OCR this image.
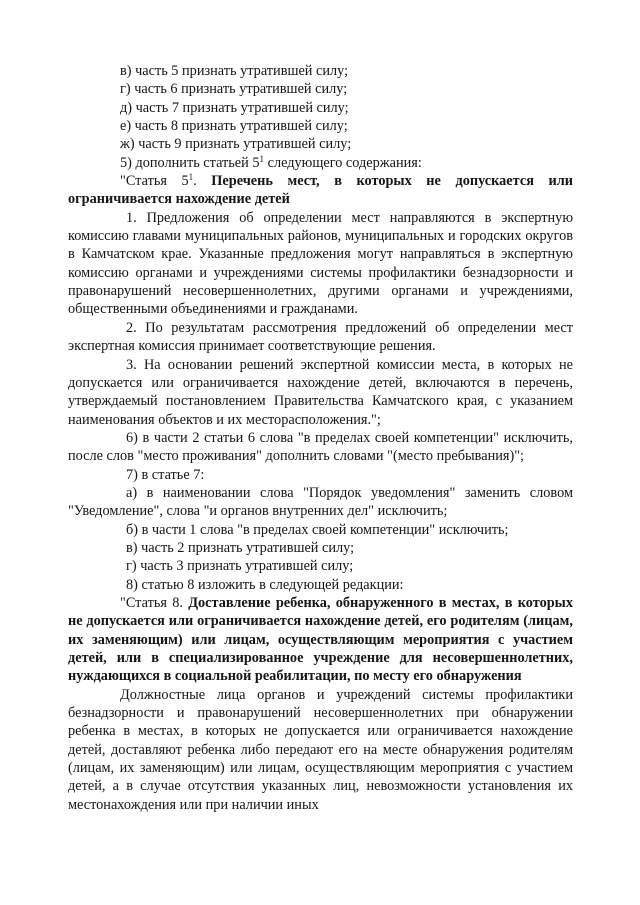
в) часть 5 признать утратившей силу;

г) часть 6 признать утратившей силу;

д) часть 7 признать утратившей силу;

е) часть 8 признать утратившей силу;

ж) часть 9 признать утратившей силу;

5) дополнить статьей $5^1$ следующего содержания:

"Статья $5^1$. Перечень мест, в которых не допускается или ограничивается нахождение детей

1. Предложения об определении мест направляются в экспертную комиссию главами муниципальных районов, муниципальных и городских округов в Камчатском крае. Указанные предложения могут направляться в экспертную комиссию органами и учреждениями системы профилактики безнадзорности и правонарушений несовершеннолетних, другими органами и учреждениями, общественными объединениями и гражданами.

2. По результатам рассмотрения предложений об определении мест экспертная комиссия принимает соответствующие решения.

3. На основании решений экспертной комиссии места, в которых не допускается или ограничивается нахождение детей, включаются в перечень, утверждаемый постановлением Правительства Камчатского края, с указанием наименования объектов и их месторасположения.";

6) в части 2 статьи 6 слова "в пределах своей компетенции" исключить, после слов "место проживания" дополнить словами "(место пребывания)";

7) в статье 7:

а) в наименовании слова "Порядок уведомления" заменить словом "Уведомление", слова "и органов внутренних дел" исключить;

б) в части 1 слова "в пределах своей компетенции" исключить;

в) часть 2 признать утратившей силу;

г) часть 3 признать утратившей силу;

8) статью 8 изложить в следующей редакции:

"Статья 8. Доставление ребенка, обнаруженного в местах, в которых не допускается или ограничивается нахождение детей, его родителям (лицам, их заменяющим) или лицам, осуществляющим мероприятия с участием детей, или в специализированное учреждение для несовершеннолетних, нуждающихся в социальной реабилитации, по месту его обнаружения

Должностные лица органов и учреждений системы профилактики безнадзорности и правонарушений несовершеннолетних при обнаружении ребенка в местах, в которых не допускается или ограничивается нахождение детей, доставляют ребенка либо передают его на месте обнаружения родителям (лицам, их заменяющим) или лицам, осуществляющим мероприятия с участием детей, а в случае отсутствия указанных лиц, невозможности установления их местонахождения или при наличии иных
